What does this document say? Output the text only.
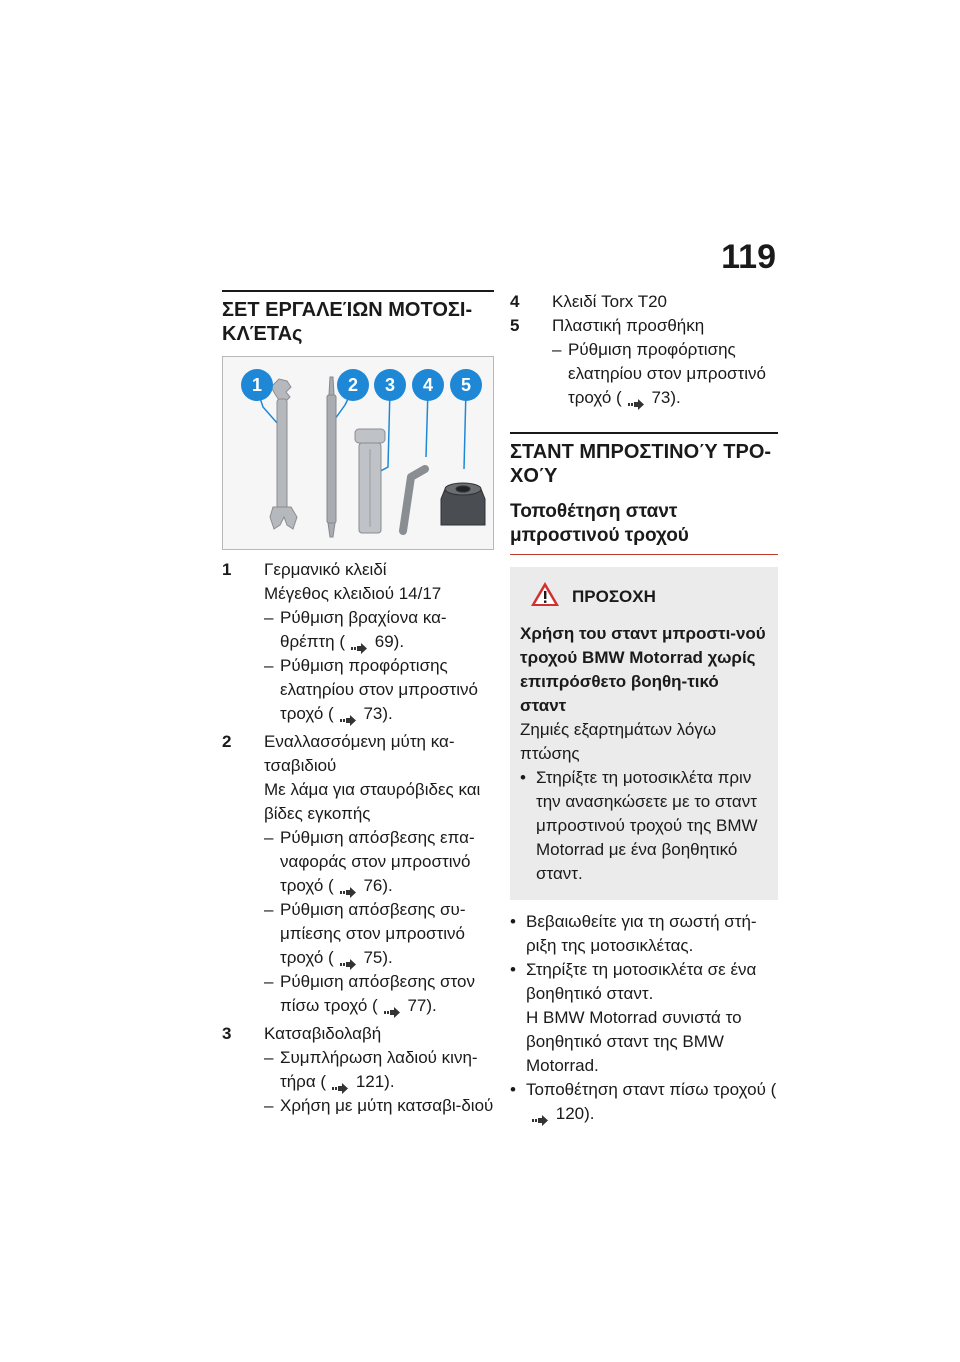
119
ΣΕΤ ΕΡΓΑΛΕΊΩΝ ΜΟΤΟΣΙ-ΚΛΈΤΑς
1	2 3 4 5
1 Γερμανικό κλειδί
Μέγεθος κλειδιού 14/17
– Ρύθμιση βραχίονα κα-θρέπτη ( 69).
– Ρύθμιση προφόρτισης ελατηρίου στον μπροστινό τροχό ( 73).
2 Εναλλασσόμενη μύτη κα-τσαβιδιού
Με λάμα για σταυρόβιδες και βίδες εγκοπής
– Ρύθμιση απόσβεσης επα-ναφοράς στον μπροστινό τροχό ( 76).
– Ρύθμιση απόσβεσης συ-μπίεσης στον μπροστινό τροχό ( 75).
– Ρύθμιση απόσβεσης στον πίσω τροχό ( 77).
3 Κατσαβιδολαβή
– Συμπλήρωση λαδιού κινη-τήρα ( 121).
– Χρήση με μύτη κατσαβι-διού
4 Κλειδί Torx T20
5 Πλαστική προσθήκη
– Ρύθμιση προφόρτισης ελατηρίου στον μπροστινό τροχό ( 73).
ΣΤΑΝΤ ΜΠΡΟΣΤΙΝΟΎ ΤΡΟ-ΧΟΎ
Τοποθέτηση σταντ μπροστινού τροχού
ΠΡΟΣΟΧΗ
Χρήση του σταντ μπροστι-νού τροχού BMW Motorrad χωρίς επιπρόσθετο βοηθη-τικό σταντ
Ζημιές εξαρτημάτων λόγω πτώσης
• Στηρίξτε τη μοτοσικλέτα πριν την ανασηκώσετε με το σταντ μπροστινού τροχού της BMW Motorrad με ένα βοηθητικό σταντ.
• Βεβαιωθείτε για τη σωστή στή-ριξη της μοτοσικλέτας.
• Στηρίξτε τη μοτοσικλέτα σε ένα βοηθητικό σταντ.
Η BMW Motorrad συνιστά το βοηθητικό σταντ της BMW Motorrad.
• Τοποθέτηση σταντ πίσω τροχού ( 120).
